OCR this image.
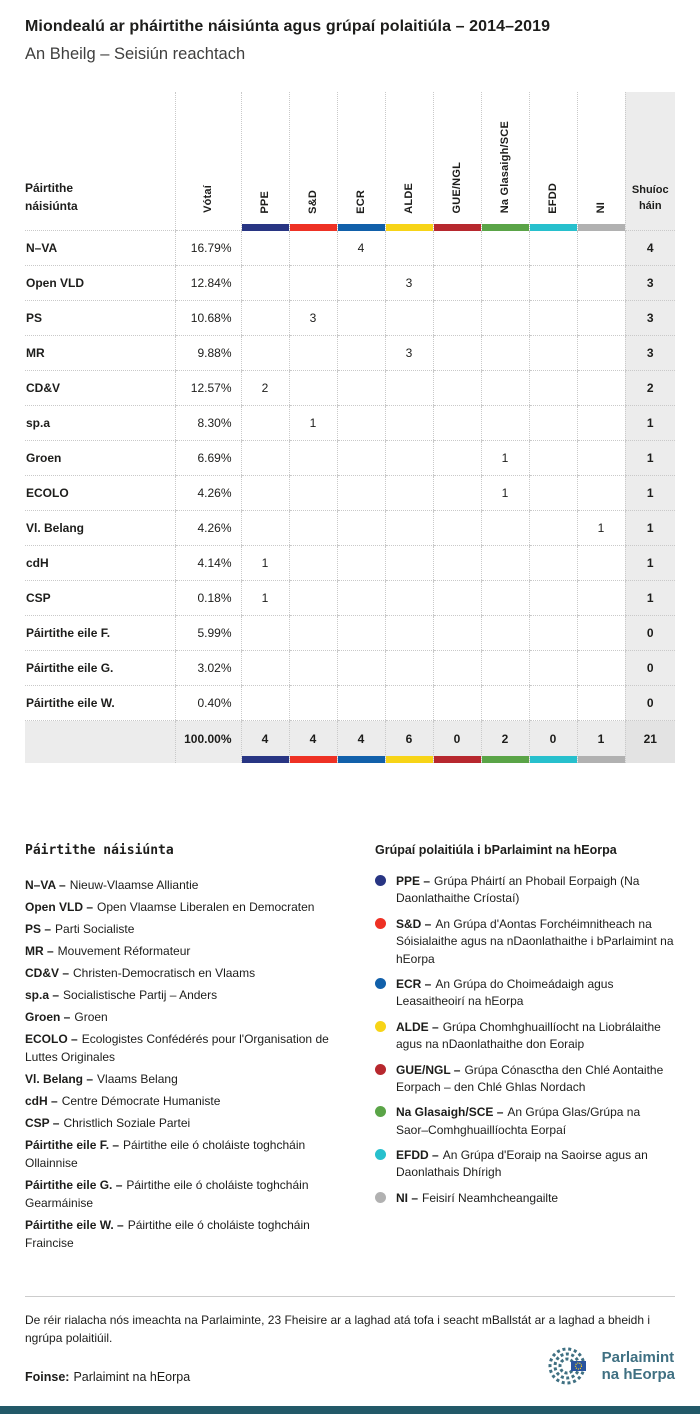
Miondealú ar pháirtithe náisiúnta agus grúpaí polaitiúla – 2014–2019
An Bheilg – Seisiún reachtach
Páirtithe náisiúnta	Vótaí	PPE	S&D	ECR	ALDE	GUE/NGL	Na Glasaigh/SCE	EFDD	NI	Shuíocháin

N–VA	16.79%			4						4
Open VLD	12.84%				3					3
PS	10.68%		3							3
MR	9.88%				3					3
CD&V	12.57%	2								2
sp.a	8.30%		1							1
Groen	6.69%						1			1
ECOLO	4.26%						1			1
Vl. Belang	4.26%								1	1
cdH	4.14%	1								1
CSP	0.18%	1								1
Páirtithe eile F.	5.99%									0
Páirtithe eile G.	3.02%									0
Páirtithe eile W.	0.40%									0
	100.00%	4	4	4	6	0	2	0	1	21
Páirtithe náisiúnta
N–VA – Nieuw-Vlaamse Alliantie
Open VLD – Open Vlaamse Liberalen en Democraten
PS – Parti Socialiste
MR – Mouvement Réformateur
CD&V – Christen-Democratisch en Vlaams
sp.a – Socialistische Partij – Anders
Groen – Groen
ECOLO – Ecologistes Confédérés pour l'Organisation de Luttes Originales
Vl. Belang – Vlaams Belang
cdH – Centre Démocrate Humaniste
CSP – Christlich Soziale Partei
Páirtithe eile F. – Páirtithe eile ó choláiste toghcháin Ollainnise
Páirtithe eile G. – Páirtithe eile ó choláiste toghcháin Gearmáinise
Páirtithe eile W. – Páirtithe eile ó choláiste toghcháin Fraincise
Grúpaí polaitiúla i bParlaimint na hEorpa
PPE – Grúpa Pháirtí an Phobail Eorpaigh (Na Daonlathaithe Críostaí)
S&D – An Grúpa d'Aontas Forchéimnitheach na Sóisialaithe agus na nDaonlathaithe i bParlaimint na hEorpa
ECR – An Grúpa do Choimeádaigh agus Leasaitheoirí na hEorpa
ALDE – Grúpa Chomhghuaillíocht na Liobrálaithe agus na nDaonlathaithe don Eoraip
GUE/NGL – Grúpa Cónasctha den Chlé Aontaithe Eorpach – den Chlé Ghlas Nordach
Na Glasaigh/SCE – An Grúpa Glas/Grúpa na Saor–Comhghuaillíochta Eorpaí
EFDD – An Grúpa d'Eoraip na Saoirse agus an Daonlathais Dhírigh
NI – Feisirí Neamhcheangailte
De réir rialacha nós imeachta na Parlaiminte, 23 Fheisire ar a laghad atá tofa i seacht mBallstát ar a laghad a bheidh i ngrúpa polaitiúil.
Foinse: Parlaimint na hEorpa
Parlaimint
na hEorpa
